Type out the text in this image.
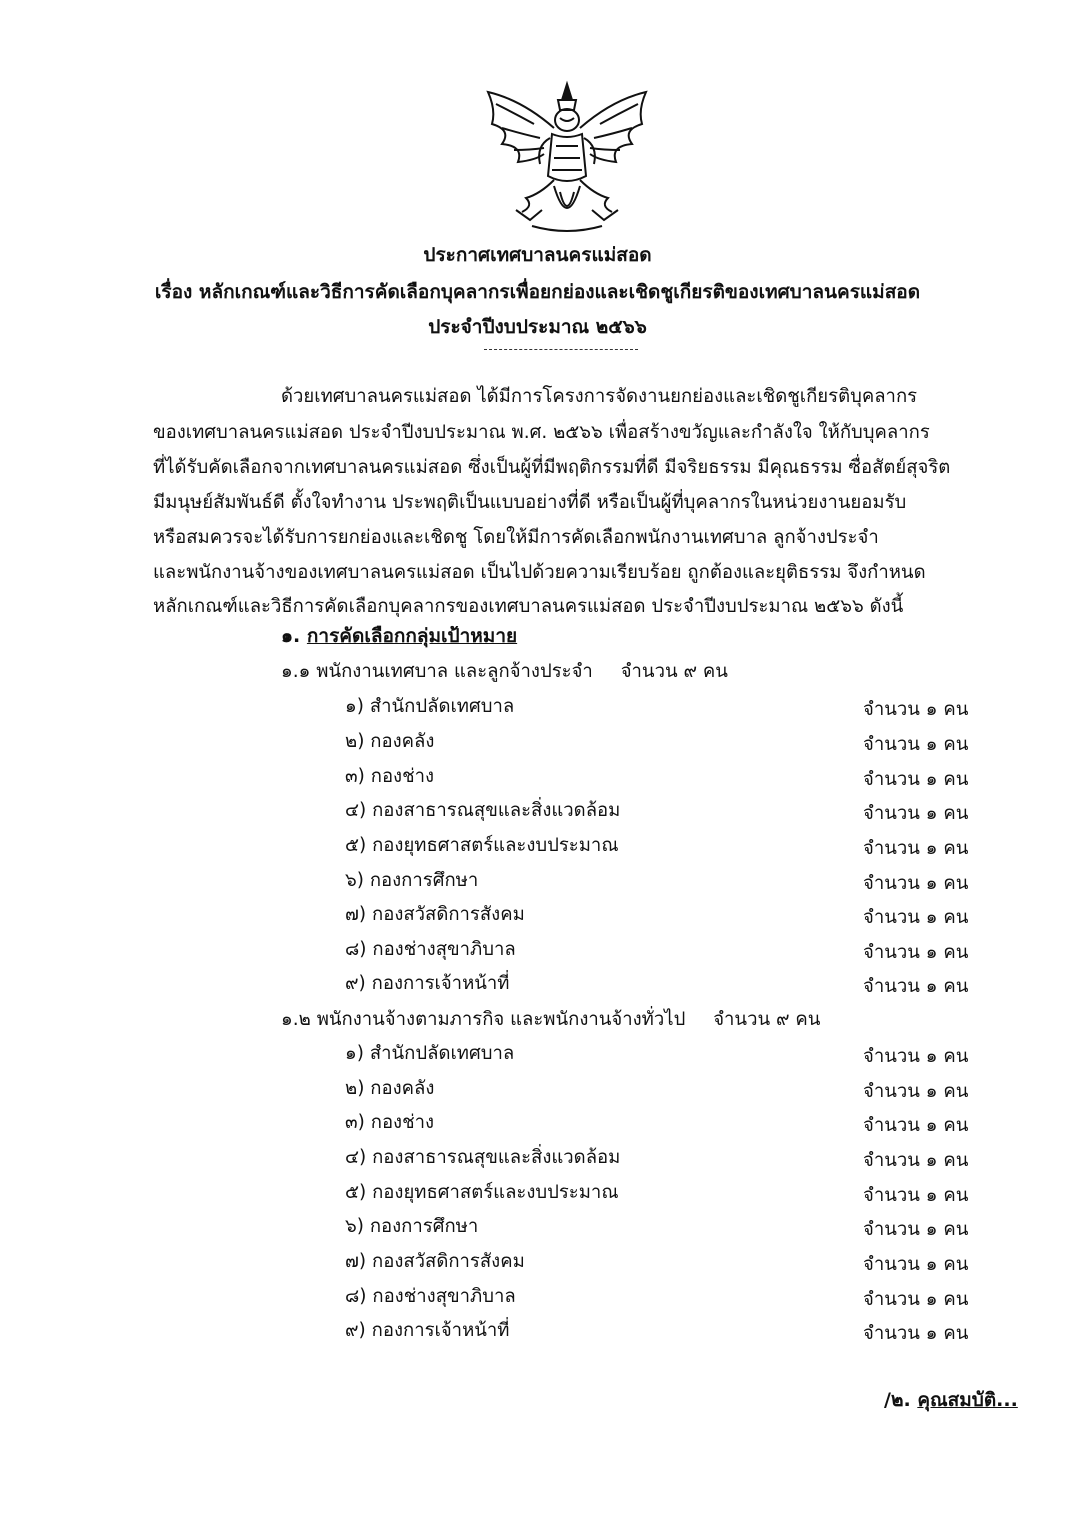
ประกาศเทศบาลนครแม่สอด
เรื่อง หลักเกณฑ์และวิธีการคัดเลือกบุคลากรเพื่อยกย่องและเชิดชูเกียรติของเทศบาลนครแม่สอด
ประจำปีงบประมาณ ๒๕๖๖
ด้วยเทศบาลนครแม่สอด ได้มีการโครงการจัดงานยกย่องและเชิดชูเกียรติบุคลากร
ของเทศบาลนครแม่สอด ประจำปีงบประมาณ พ.ศ. ๒๕๖๖ เพื่อสร้างขวัญและกำลังใจ ให้กับบุคลากร
ที่ได้รับคัดเลือกจากเทศบาลนครแม่สอด ซึ่งเป็นผู้ที่มีพฤติกรรมที่ดี มีจริยธรรม มีคุณธรรม ซื่อสัตย์สุจริต
มีมนุษย์สัมพันธ์ดี ตั้งใจทำงาน ประพฤติเป็นแบบอย่างที่ดี หรือเป็นผู้ที่บุคลากรในหน่วยงานยอมรับ
หรือสมควรจะได้รับการยกย่องและเชิดชู โดยให้มีการคัดเลือกพนักงานเทศบาล ลูกจ้างประจำ
และพนักงานจ้างของเทศบาลนครแม่สอด เป็นไปด้วยความเรียบร้อย ถูกต้องและยุติธรรม จึงกำหนด
หลักเกณฑ์และวิธีการคัดเลือกบุคลากรของเทศบาลนครแม่สอด ประจำปีงบประมาณ ๒๕๖๖ ดังนี้
๑. การคัดเลือกกลุ่มเป้าหมาย
๑.๑ พนักงานเทศบาล และลูกจ้างประจำ จำนวน ๙ คน
๑) สำนักปลัดเทศบาล	จำนวน ๑ คน
๒) กองคลัง	จำนวน ๑ คน
๓) กองช่าง	จำนวน ๑ คน
๔) กองสาธารณสุขและสิ่งแวดล้อม	จำนวน ๑ คน
๕) กองยุทธศาสตร์และงบประมาณ	จำนวน ๑ คน
๖) กองการศึกษา	จำนวน ๑ คน
๗) กองสวัสดิการสังคม	จำนวน ๑ คน
๘) กองช่างสุขาภิบาล	จำนวน ๑ คน
๙) กองการเจ้าหน้าที่	จำนวน ๑ คน
๑.๒ พนักงานจ้างตามภารกิจ และพนักงานจ้างทั่วไป จำนวน ๙ คน
๑) สำนักปลัดเทศบาล	จำนวน ๑ คน
๒) กองคลัง	จำนวน ๑ คน
๓) กองช่าง	จำนวน ๑ คน
๔) กองสาธารณสุขและสิ่งแวดล้อม	จำนวน ๑ คน
๕) กองยุทธศาสตร์และงบประมาณ	จำนวน ๑ คน
๖) กองการศึกษา	จำนวน ๑ คน
๗) กองสวัสดิการสังคม	จำนวน ๑ คน
๘) กองช่างสุขาภิบาล	จำนวน ๑ คน
๙) กองการเจ้าหน้าที่	จำนวน ๑ คน
/๒. คุณสมบัติ...
